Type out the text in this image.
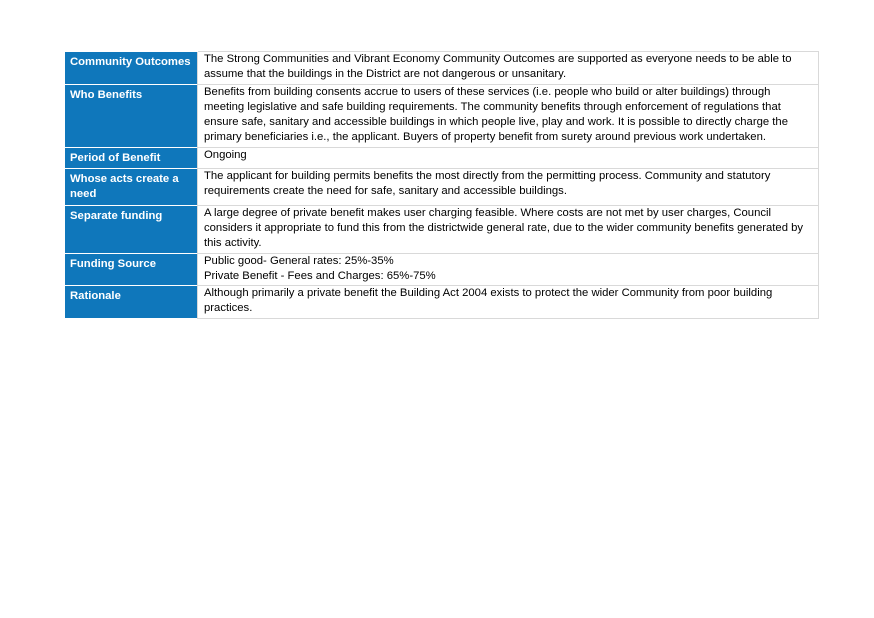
Community Outcomes	The Strong Communities and Vibrant Economy Community Outcomes are supported as everyone needs to be able to assume that the buildings in the District are not dangerous or unsanitary.

Who Benefits	Benefits from building consents accrue to users of these services (i.e. people who build or alter buildings) through meeting legislative and safe building requirements. The community benefits through enforcement of regulations that ensure safe, sanitary and accessible buildings in which people live, play and work. It is possible to directly charge the primary beneficiaries i.e., the applicant. Buyers of property benefit from surety around previous work undertaken.

Period of Benefit	Ongoing

Whose acts create a need	The applicant for building permits benefits the most directly from the permitting process. Community and statutory requirements create the need for safe, sanitary and accessible buildings.

Separate funding	A large degree of private benefit makes user charging feasible. Where costs are not met by user charges, Council considers it appropriate to fund this from the districtwide general rate, due to the wider community benefits generated by this activity.

Funding Source	Public good- General rates: 25%-35%
Private Benefit - Fees and Charges: 65%-75%

Rationale	Although primarily a private benefit the Building Act 2004 exists to protect the wider Community from poor building practices.
